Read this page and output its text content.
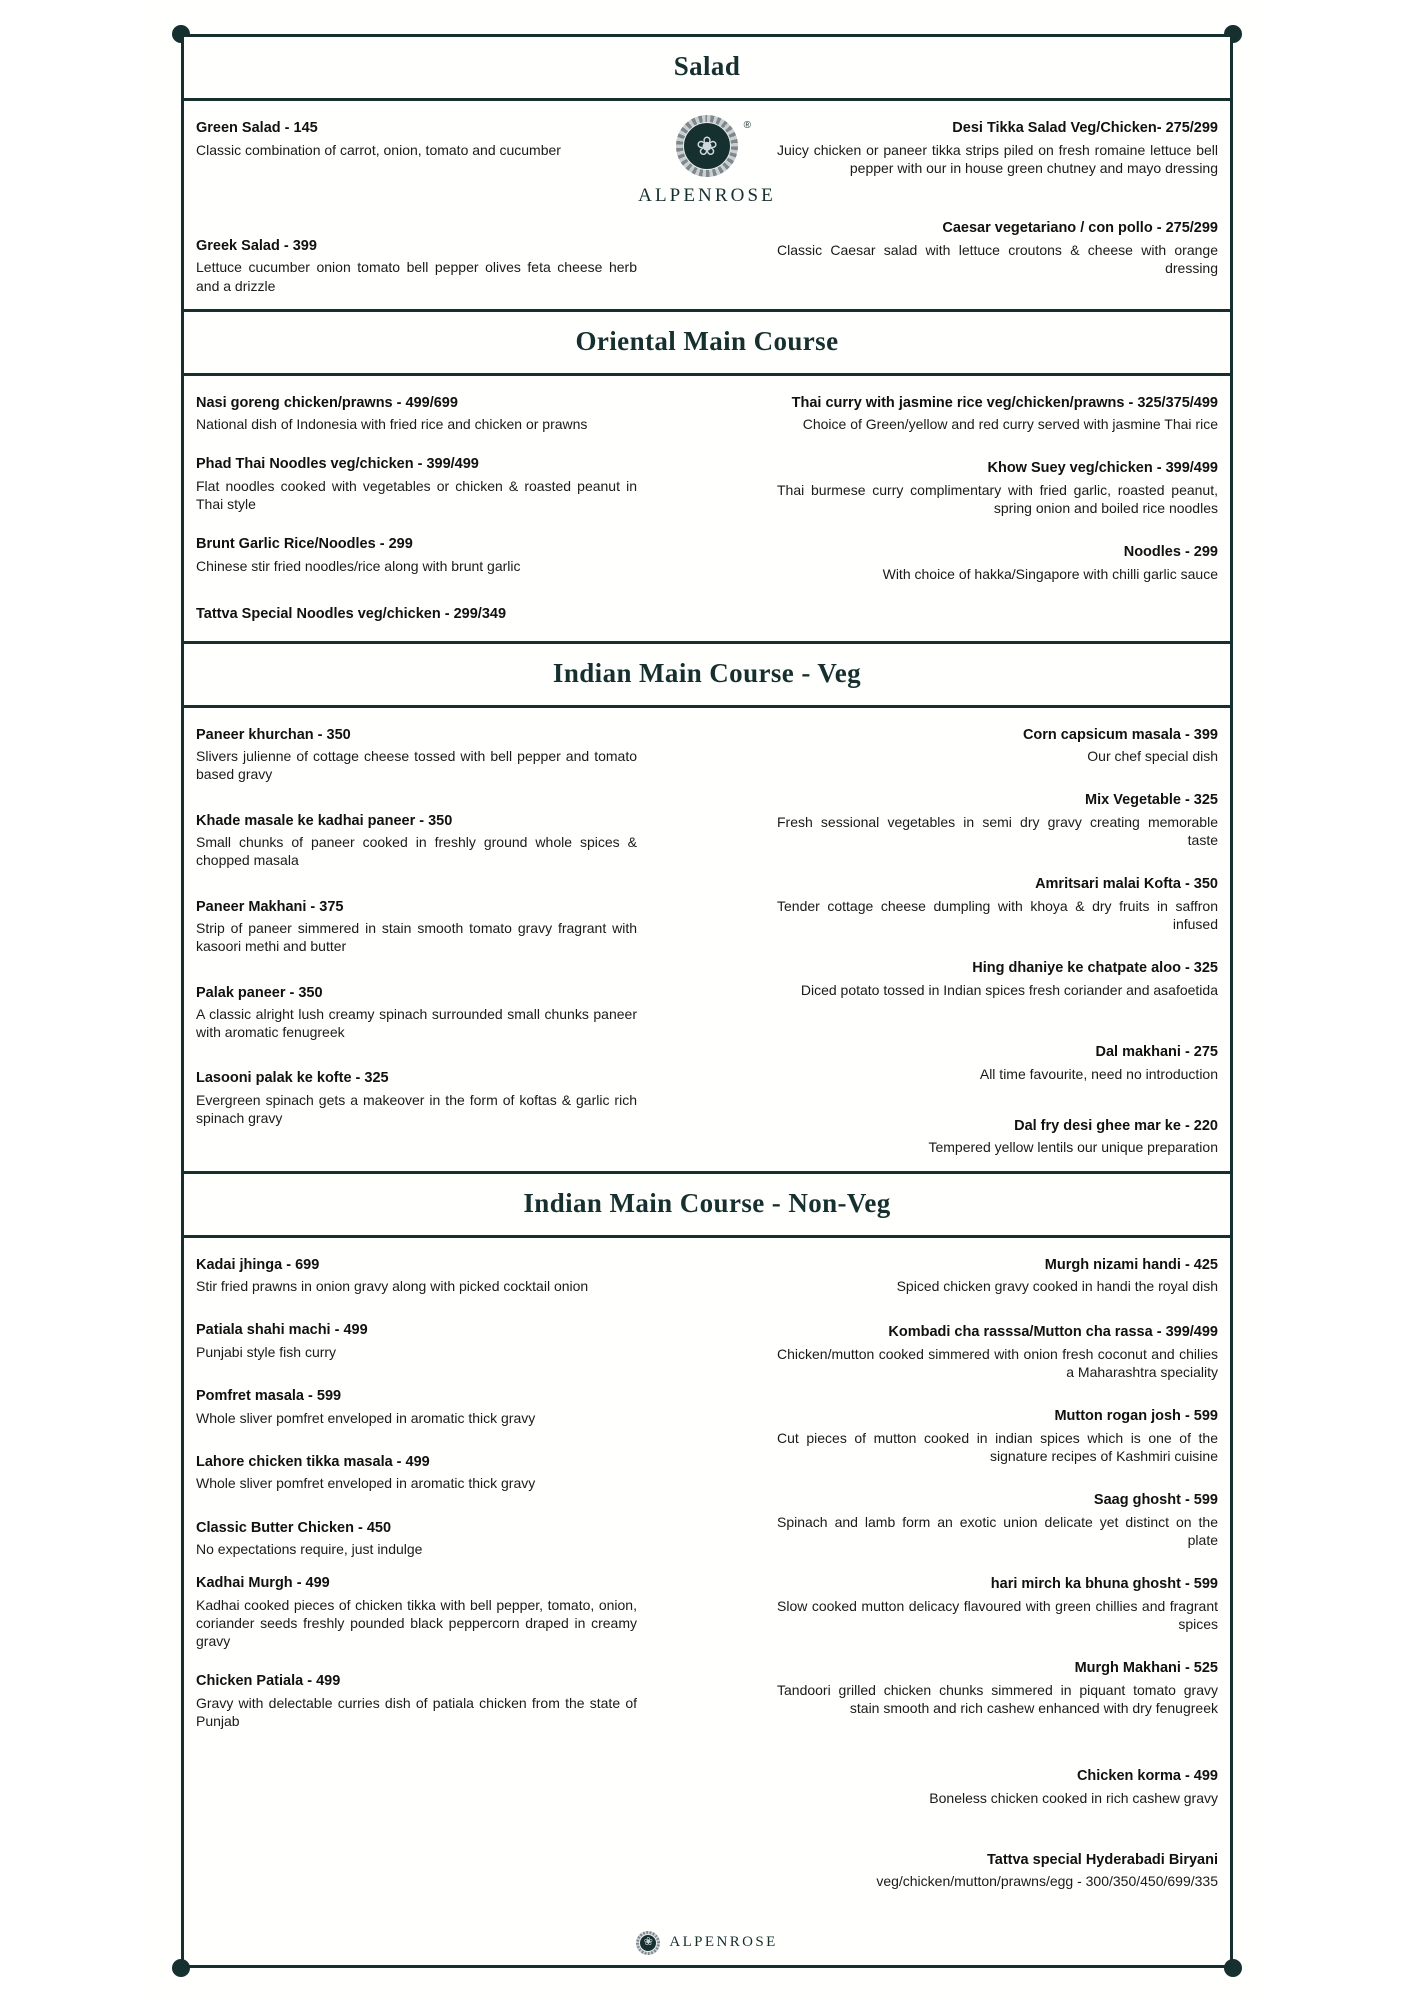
Salad
❀
®
ALPENROSE

Green Salad - 145

Classic combination of carrot, onion, tomato and cucumber

Greek Salad - 399

Lettuce cucumber onion tomato bell pepper olives feta cheese herb and a drizzle

Desi Tikka Salad Veg/Chicken- 275/299

Juicy chicken or paneer tikka strips piled on fresh romaine lettuce bell pepper with our in house green chutney and mayo dressing

Caesar vegetariano / con pollo - 275/299

Classic Caesar salad with lettuce croutons & cheese with orange dressing

Oriental Main Course

Nasi goreng chicken/prawns - 499/699

National dish of Indonesia with fried rice and chicken or prawns

Phad Thai Noodles veg/chicken - 399/499

Flat noodles cooked with vegetables or chicken & roasted peanut in Thai style

Brunt Garlic Rice/Noodles - 299

Chinese stir fried noodles/rice along with brunt garlic

Tattva Special Noodles veg/chicken - 299/349

Thai curry with jasmine rice veg/chicken/prawns - 325/375/499

Choice of Green/yellow and red curry served with jasmine Thai rice

Khow Suey veg/chicken - 399/499

Thai burmese curry complimentary with fried garlic, roasted peanut, spring onion and boiled rice noodles

Noodles - 299

With choice of hakka/Singapore with chilli garlic sauce

Indian Main Course - Veg

Paneer khurchan - 350

Slivers julienne of cottage cheese tossed with bell pepper and tomato based gravy

Khade masale ke kadhai paneer - 350

Small chunks of paneer cooked in freshly ground whole spices & chopped masala

Paneer Makhani - 375

Strip of paneer simmered in stain smooth tomato gravy fragrant with kasoori methi and butter

Palak paneer - 350

A classic alright lush creamy spinach surrounded small chunks paneer with aromatic fenugreek

Lasooni palak ke kofte - 325

Evergreen spinach gets a makeover in the form of koftas & garlic rich spinach gravy

Corn capsicum masala - 399

Our chef special dish

Mix Vegetable - 325

Fresh sessional vegetables in semi dry gravy creating memorable taste

Amritsari malai Kofta - 350

Tender cottage cheese dumpling with khoya & dry fruits in saffron infused

Hing dhaniye ke chatpate aloo - 325

Diced potato tossed in Indian spices fresh coriander and asafoetida

Dal makhani - 275

All time favourite, need no introduction

Dal fry desi ghee mar ke - 220

Tempered yellow lentils our unique preparation

Indian Main Course - Non-Veg

Kadai jhinga - 699

Stir fried prawns in onion gravy along with picked cocktail onion

Patiala shahi machi - 499

Punjabi style fish curry

Pomfret masala - 599

Whole sliver pomfret enveloped in aromatic thick gravy

Lahore chicken tikka masala - 499

Whole sliver pomfret enveloped in aromatic thick gravy

Classic Butter Chicken - 450

No expectations require, just indulge

Kadhai Murgh - 499

Kadhai cooked pieces of chicken tikka with bell pepper, tomato, onion, coriander seeds freshly pounded black peppercorn draped in creamy gravy

Chicken Patiala - 499

Gravy with delectable curries dish of patiala chicken from the state of Punjab

Murgh nizami handi - 425

Spiced chicken gravy cooked in handi the royal dish

Kombadi cha rasssa/Mutton cha rassa - 399/499

Chicken/mutton cooked simmered with onion fresh coconut and chilies a Maharashtra speciality

Mutton rogan josh - 599

Cut pieces of mutton cooked in indian spices which is one of the signature recipes of Kashmiri cuisine

Saag ghosht - 599

Spinach and lamb form an exotic union delicate yet distinct on the plate

hari mirch ka bhuna ghosht - 599

Slow cooked mutton delicacy flavoured with green chillies and fragrant spices

Murgh Makhani - 525

Tandoori grilled chicken chunks simmered in piquant tomato gravy stain smooth and rich cashew enhanced with dry fenugreek

Chicken korma - 499

Boneless chicken cooked in rich cashew gravy

Tattva special Hyderabadi Biryani

veg/chicken/mutton/prawns/egg - 300/350/450/699/335

❀	ALPENROSE
